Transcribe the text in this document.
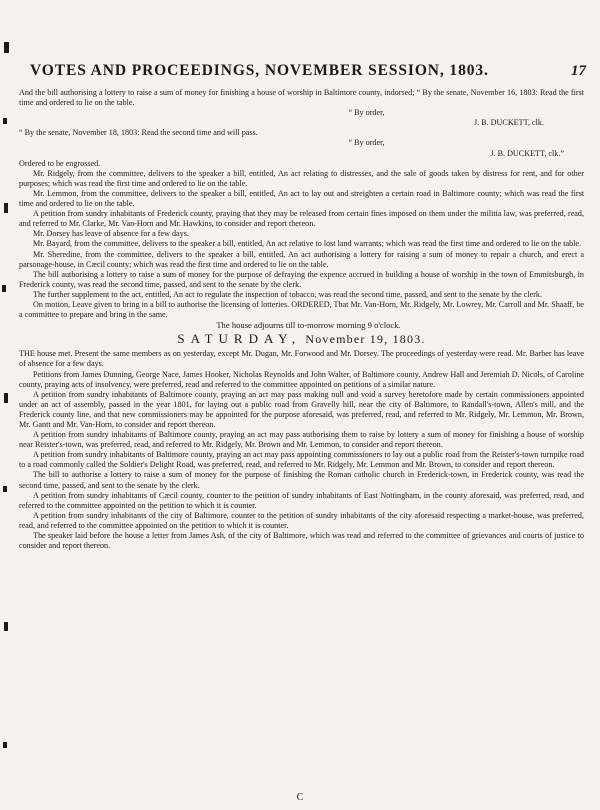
VOTES AND PROCEEDINGS, NOVEMBER SESSION, 1803.	17

And the bill authorising a lottery to raise a sum of money for finishing a house of worship in Baltimore county, indorsed; “ By the senate, November 16, 1803: Read the first time and ordered to lie on the table.

“ By order,
J. B. DUCKETT, clk.

“ By the senate, November 18, 1803: Read the second time and will pass.

“ By order,
J. B. DUCKETT, clk.”

Ordered to be engrossed.

Mr. Ridgely, from the committee, delivers to the speaker a bill, entitled, An act relating to distresses, and the sale of goods taken by distress for rent, and for other purposes; which was read the first time and ordered to lie on the table.

Mr. Lemmon, from the committee, delivers to the speaker a bill, entitled, An act to lay out and streighten a certain road in Baltimore county; which was read the first time and ordered to lie on the table.

A petition from sundry inhabitants of Frederick county, praying that they may be released from certain fines imposed on them under the militia law, was preferred, read, and referred to Mr. Clarke, Mr. Van-Horn and Mr. Hawkins, to consider and report thereon.

Mr. Dorsey has leave of absence for a few days.

Mr. Bayard, from the committee, delivers to the speaker a bill, entitled, An act relative to lost land warrants; which was read the first time and ordered to lie on the table.

Mr. Sheredine, from the committee, delivers to the speaker a bill, entitled, An act authorising a lottery for raising a sum of money to repair a church, and erect a parsonage-house, in Cæcil county; which was read the first time and ordered to lie on the table.

The bill authorising a lottery to raise a sum of money for the purpose of defraying the expence accrued in building a house of worship in the town of Emmitsburgh, in Frederick county, was read the second time, passed, and sent to the senate by the clerk.

The further supplement to the act, entitled, An act to regulate the inspection of tobacco, was read the second time, passed, and sent to the senate by the clerk.

On motion, Leave given to bring in a bill to authorise the licensing of lotteries. ORDERED, That Mr. Van-Horn, Mr. Ridgely, Mr. Lowrey, Mr. Carroll and Mr. Shaaff, be a committee to prepare and bring in the same.

The house adjourns till to-morrow morning 9 o'clock.

SATURDAY, November 19, 1803.

THE house met. Present the same members as on yesterday, except Mr. Dugan, Mr. Forwood and Mr. Dorsey. The proceedings of yesterday were read. Mr. Barber has leave of absence for a few days.

Petitions from James Dunning, George Nace, James Hooker, Nicholas Reynolds and John Walter, of Baltimore county, Andrew Hall and Jeremiah D. Nicols, of Caroline county, praying acts of insolvency, were preferred, read and referred to the committee appointed on petitions of a similar nature.

A petition from sundry inhabitants of Baltimore county, praying an act may pass making null and void a survey heretofore made by certain commissioners appointed under an act of assembly, passed in the year 1801, for laying out a public road from Gravelly hill, near the city of Baltimore, to Randall's-town, Allen's mill, and the Frederick county line, and that new commissioners may be appointed for the purpose aforesaid, was preferred, read, and referred to Mr. Ridgely, Mr. Lemmon, Mr. Brown, Mr. Gantt and Mr. Van-Horn, to consider and report thereon.

A petition from sundry inhabitants of Baltimore county, praying an act may pass authorising them to raise by lottery a sum of money for finishing a house of worship near Reister's-town, was preferred, read, and referred to Mr. Ridgely, Mr. Brown and Mr. Lemmon, to consider and report thereon.

A petition from sundry inhabitants of Baltimore county, praying an act may pass appointing commissioners to lay out a public road from the Reister's-town turnpike road to a road commonly called the Soldier's Delight Road, was preferred, read, and referred to Mr. Ridgely, Mr. Lemmon and Mr. Brown, to consider and report thereon.

The bill to authorise a lottery to raise a sum of money for the purpose of finishing the Roman catholic church in Frederick-town, in Frederick county, was read the second time, passed, and sent to the senate by the clerk.

A petition from sundry inhabitants of Cæcil county, counter to the petition of sundry inhabitants of East Nottingham, in the county aforesaid, was preferred, read, and referred to the committee appointed on the petition to which it is counter.

A petition from sundry inhabitants of the city of Baltimore, counter to the petition of sundry inhabitants of the city aforesaid respecting a market-house, was preferred, read, and referred to the committee appointed on the petition to which it is counter.

The speaker laid before the house a letter from James Ash, of the city of Baltimore, which was read and referred to the committee of grievances and courts of justice to consider and report thereon.

C
